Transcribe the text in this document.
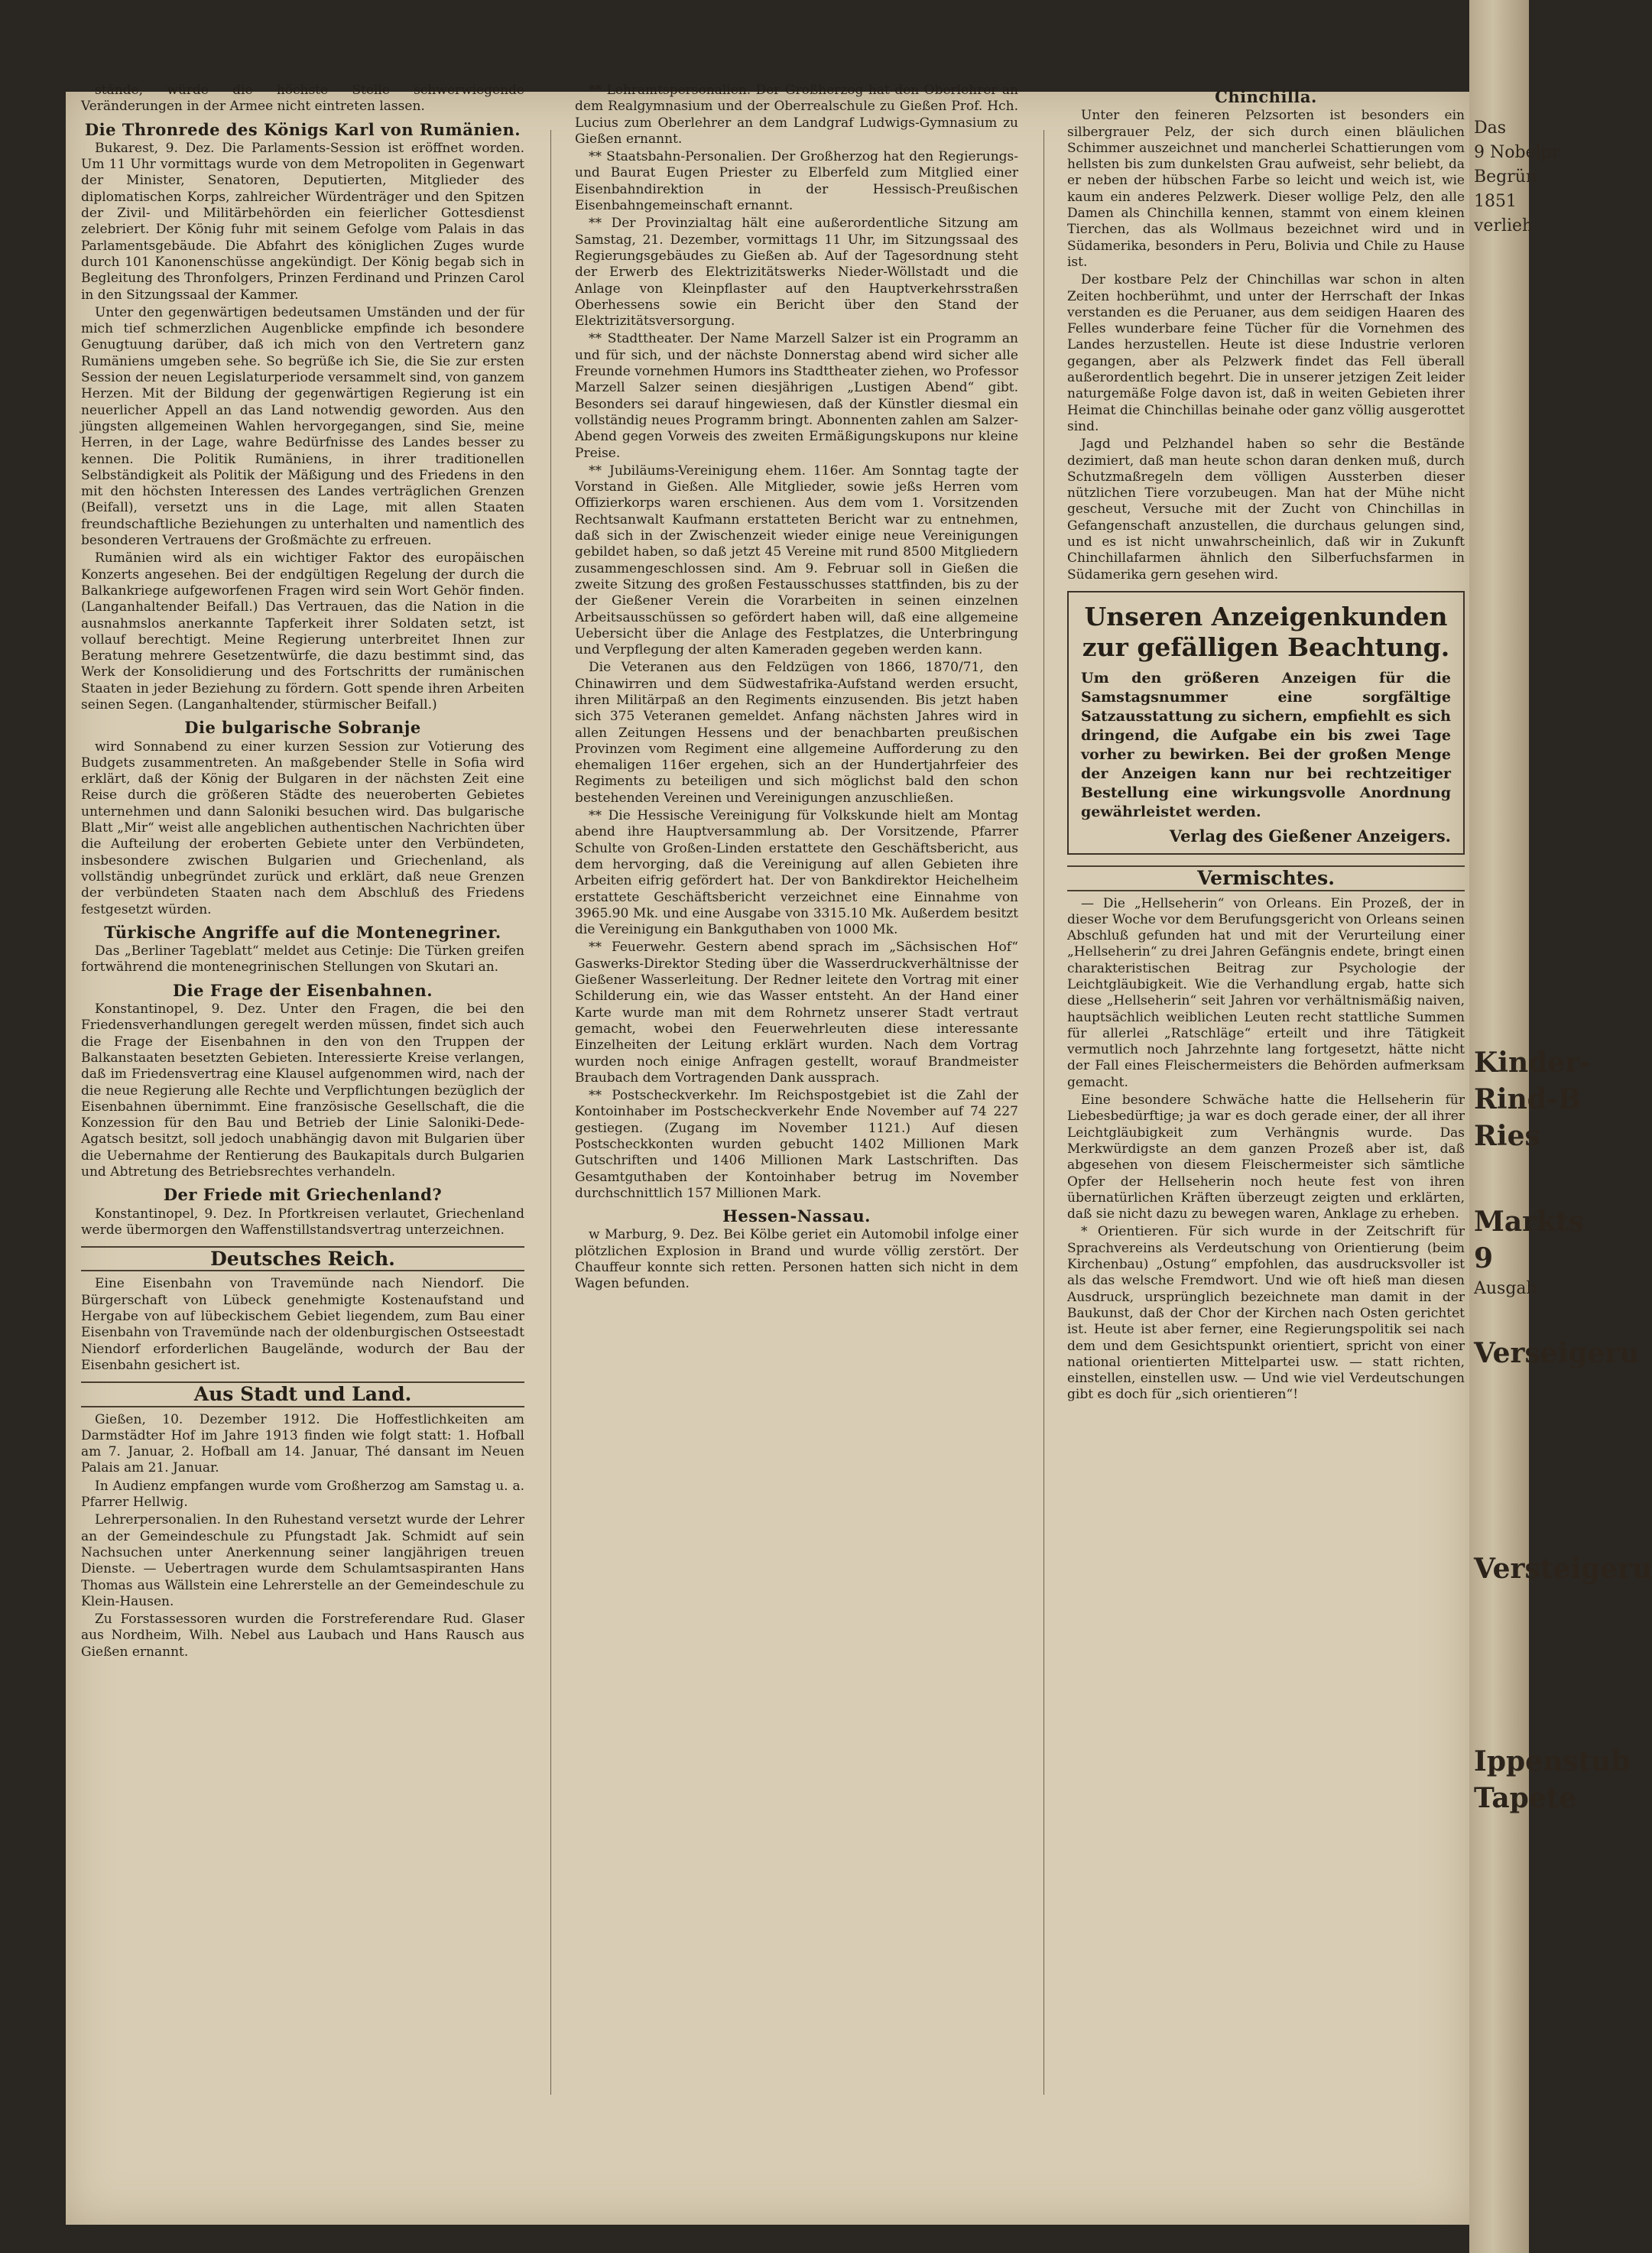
stände, würde die höchste Stelle schwerwiegende Veränderungen in der Armee nicht eintreten lassen.

Die Thronrede des Königs Karl von Rumänien.

Bukarest, 9. Dez. Die Parlaments-Session ist eröffnet worden. Um 11 Uhr vormittags wurde von dem Metropoliten in Gegenwart der Minister, Senatoren, Deputierten, Mitglieder des diplomatischen Korps, zahlreicher Würdenträger und den Spitzen der Zivil- und Militärbehörden ein feierlicher Gottesdienst zelebriert. Der König fuhr mit seinem Gefolge vom Palais in das Parlamentsgebäude. Die Abfahrt des königlichen Zuges wurde durch 101 Kanonenschüsse angekündigt. Der König begab sich in Begleitung des Thronfolgers, Prinzen Ferdinand und Prinzen Carol in den Sitzungssaal der Kammer.

Unter den gegenwärtigen bedeutsamen Umständen und der für mich tief schmerzlichen Augenblicke empfinde ich besondere Genugtuung darüber, daß ich mich von den Vertretern ganz Rumäniens umgeben sehe. So begrüße ich Sie, die Sie zur ersten Session der neuen Legislaturperiode versammelt sind, von ganzem Herzen. Mit der Bildung der gegenwärtigen Regierung ist ein neuerlicher Appell an das Land notwendig geworden. Aus den jüngsten allgemeinen Wahlen hervorgegangen, sind Sie, meine Herren, in der Lage, wahre Bedürfnisse des Landes besser zu kennen. Die Politik Rumäniens, in ihrer traditionellen Selbständigkeit als Politik der Mäßigung und des Friedens in den mit den höchsten Interessen des Landes verträglichen Grenzen (Beifall), versetzt uns in die Lage, mit allen Staaten freundschaftliche Beziehungen zu unterhalten und namentlich des besonderen Vertrauens der Großmächte zu erfreuen.

Rumänien wird als ein wichtiger Faktor des europäischen Konzerts angesehen. Bei der endgültigen Regelung der durch die Balkankriege aufgeworfenen Fragen wird sein Wort Gehör finden. (Langanhaltender Beifall.) Das Vertrauen, das die Nation in die ausnahmslos anerkannte Tapferkeit ihrer Soldaten setzt, ist vollauf berechtigt. Meine Regierung unterbreitet Ihnen zur Beratung mehrere Gesetzentwürfe, die dazu bestimmt sind, das Werk der Konsolidierung und des Fortschritts der rumänischen Staaten in jeder Beziehung zu fördern. Gott spende ihren Arbeiten seinen Segen. (Langanhaltender, stürmischer Beifall.)

Die bulgarische Sobranje

wird Sonnabend zu einer kurzen Session zur Votierung des Budgets zusammentreten. An maßgebender Stelle in Sofia wird erklärt, daß der König der Bulgaren in der nächsten Zeit eine Reise durch die größeren Städte des neueroberten Gebietes unternehmen und dann Saloniki besuchen wird. Das bulgarische Blatt „Mir“ weist alle angeblichen authentischen Nachrichten über die Aufteilung der eroberten Gebiete unter den Verbündeten, insbesondere zwischen Bulgarien und Griechenland, als vollständig unbegründet zurück und erklärt, daß neue Grenzen der verbündeten Staaten nach dem Abschluß des Friedens festgesetzt würden.

Türkische Angriffe auf die Montenegriner.

Das „Berliner Tageblatt“ meldet aus Cetinje: Die Türken greifen fortwährend die montenegrinischen Stellungen von Skutari an.

Die Frage der Eisenbahnen.

Konstantinopel, 9. Dez. Unter den Fragen, die bei den Friedensverhandlungen geregelt werden müssen, findet sich auch die Frage der Eisenbahnen in den von den Truppen der Balkanstaaten besetzten Gebieten. Interessierte Kreise verlangen, daß im Friedensvertrag eine Klausel aufgenommen wird, nach der die neue Regierung alle Rechte und Verpflichtungen bezüglich der Eisenbahnen übernimmt. Eine französische Gesellschaft, die die Konzession für den Bau und Betrieb der Linie Saloniki-Dede-Agatsch besitzt, soll jedoch unabhängig davon mit Bulgarien über die Uebernahme der Rentierung des Baukapitals durch Bulgarien und Abtretung des Betriebsrechtes verhandeln.

Der Friede mit Griechenland?

Konstantinopel, 9. Dez. In Pfortkreisen verlautet, Griechenland werde übermorgen den Waffenstillstandsvertrag unterzeichnen.

Deutsches Reich.

Eine Eisenbahn von Travemünde nach Niendorf. Die Bürgerschaft von Lübeck genehmigte Kostenaufstand und Hergabe von auf lübeckischem Gebiet liegendem, zum Bau einer Eisenbahn von Travemünde nach der oldenburgischen Ostseestadt Niendorf erforderlichen Baugelände, wodurch der Bau der Eisenbahn gesichert ist.

Aus Stadt und Land.

Gießen, 10. Dezember 1912. Die Hoffestlichkeiten am Darmstädter Hof im Jahre 1913 finden wie folgt statt: 1. Hofball am 7. Januar, 2. Hofball am 14. Januar, Thé dansant im Neuen Palais am 21. Januar.

In Audienz empfangen wurde vom Großherzog am Samstag u. a. Pfarrer Hellwig.

Lehrerpersonalien. In den Ruhestand versetzt wurde der Lehrer an der Gemeindeschule zu Pfungstadt Jak. Schmidt auf sein Nachsuchen unter Anerkennung seiner langjährigen treuen Dienste. — Uebertragen wurde dem Schulamtsaspiranten Hans Thomas aus Wällstein eine Lehrerstelle an der Gemeindeschule zu Klein-Hausen.

Zu Forstassessoren wurden die Forstreferendare Rud. Glaser aus Nordheim, Wilh. Nebel aus Laubach und Hans Rausch aus Gießen ernannt.

** Lehramtspersonalien. Der Großherzog hat den Oberlehrer an dem Realgymnasium und der Oberrealschule zu Gießen Prof. Hch. Lucius zum Oberlehrer an dem Landgraf Ludwigs-Gymnasium zu Gießen ernannt.

** Staatsbahn-Personalien. Der Großherzog hat den Regierungs- und Baurat Eugen Priester zu Elberfeld zum Mitglied einer Eisenbahndirektion in der Hessisch-Preußischen Eisenbahngemeinschaft ernannt.

** Der Provinzialtag hält eine außerordentliche Sitzung am Samstag, 21. Dezember, vormittags 11 Uhr, im Sitzungssaal des Regierungsgebäudes zu Gießen ab. Auf der Tagesordnung steht der Erwerb des Elektrizitätswerks Nieder-Wöllstadt und die Anlage von Kleinpflaster auf den Hauptverkehrsstraßen Oberhessens sowie ein Bericht über den Stand der Elektrizitätsversorgung.

** Stadttheater. Der Name Marzell Salzer ist ein Programm an und für sich, und der nächste Donnerstag abend wird sicher alle Freunde vornehmen Humors ins Stadttheater ziehen, wo Professor Marzell Salzer seinen diesjährigen „Lustigen Abend“ gibt. Besonders sei darauf hingewiesen, daß der Künstler diesmal ein vollständig neues Programm bringt. Abonnenten zahlen am Salzer-Abend gegen Vorweis des zweiten Ermäßigungskupons nur kleine Preise.

** Jubiläums-Vereinigung ehem. 116er. Am Sonntag tagte der Vorstand in Gießen. Alle Mitglieder, sowie jeßs Herren vom Offizierkorps waren erschienen. Aus dem vom 1. Vorsitzenden Rechtsanwalt Kaufmann erstatteten Bericht war zu entnehmen, daß sich in der Zwischenzeit wieder einige neue Vereinigungen gebildet haben, so daß jetzt 45 Vereine mit rund 8500 Mitgliedern zusammengeschlossen sind. Am 9. Februar soll in Gießen die zweite Sitzung des großen Festausschusses stattfinden, bis zu der der Gießener Verein die Vorarbeiten in seinen einzelnen Arbeitsausschüssen so gefördert haben will, daß eine allgemeine Uebersicht über die Anlage des Festplatzes, die Unterbringung und Verpflegung der alten Kameraden gegeben werden kann.

Die Veteranen aus den Feldzügen von 1866, 1870/71, den Chinawirren und dem Südwestafrika-Aufstand werden ersucht, ihren Militärpaß an den Regiments einzusenden. Bis jetzt haben sich 375 Veteranen gemeldet. Anfang nächsten Jahres wird in allen Zeitungen Hessens und der benachbarten preußischen Provinzen vom Regiment eine allgemeine Aufforderung zu den ehemaligen 116er ergehen, sich an der Hundertjahrfeier des Regiments zu beteiligen und sich möglichst bald den schon bestehenden Vereinen und Vereinigungen anzuschließen.

** Die Hessische Vereinigung für Volkskunde hielt am Montag abend ihre Hauptversammlung ab. Der Vorsitzende, Pfarrer Schulte von Großen-Linden erstattete den Geschäftsbericht, aus dem hervorging, daß die Vereinigung auf allen Gebieten ihre Arbeiten eifrig gefördert hat. Der von Bankdirektor Heichelheim erstattete Geschäftsbericht verzeichnet eine Einnahme von 3965.90 Mk. und eine Ausgabe von 3315.10 Mk. Außerdem besitzt die Vereinigung ein Bankguthaben von 1000 Mk.

** Feuerwehr. Gestern abend sprach im „Sächsischen Hof“ Gaswerks-Direktor Steding über die Wasserdruckverhältnisse der Gießener Wasserleitung. Der Redner leitete den Vortrag mit einer Schilderung ein, wie das Wasser entsteht. An der Hand einer Karte wurde man mit dem Rohrnetz unserer Stadt vertraut gemacht, wobei den Feuerwehrleuten diese interessante Einzelheiten der Leitung erklärt wurden. Nach dem Vortrag wurden noch einige Anfragen gestellt, worauf Brandmeister Braubach dem Vortragenden Dank aussprach.

** Postscheckverkehr. Im Reichspostgebiet ist die Zahl der Kontoinhaber im Postscheckverkehr Ende November auf 74 227 gestiegen. (Zugang im November 1121.) Auf diesen Postscheckkonten wurden gebucht 1402 Millionen Mark Gutschriften und 1406 Millionen Mark Lastschriften. Das Gesamtguthaben der Kontoinhaber betrug im November durchschnittlich 157 Millionen Mark.

Hessen-Nassau.

w Marburg, 9. Dez. Bei Kölbe geriet ein Automobil infolge einer plötzlichen Explosion in Brand und wurde völlig zerstört. Der Chauffeur konnte sich retten. Personen hatten sich nicht in dem Wagen befunden.

Chinchilla.

Unter den feineren Pelzsorten ist besonders ein silbergrauer Pelz, der sich durch einen bläulichen Schimmer auszeichnet und mancherlei Schattierungen vom hellsten bis zum dunkelsten Grau aufweist, sehr beliebt, da er neben der hübschen Farbe so leicht und weich ist, wie kaum ein anderes Pelzwerk. Dieser wollige Pelz, den alle Damen als Chinchilla kennen, stammt von einem kleinen Tierchen, das als Wollmaus bezeichnet wird und in Südamerika, besonders in Peru, Bolivia und Chile zu Hause ist.

Der kostbare Pelz der Chinchillas war schon in alten Zeiten hochberühmt, und unter der Herrschaft der Inkas verstanden es die Peruaner, aus dem seidigen Haaren des Felles wunderbare feine Tücher für die Vornehmen des Landes herzustellen. Heute ist diese Industrie verloren gegangen, aber als Pelzwerk findet das Fell überall außerordentlich begehrt. Die in unserer jetzigen Zeit leider naturgemäße Folge davon ist, daß in weiten Gebieten ihrer Heimat die Chinchillas beinahe oder ganz völlig ausgerottet sind.

Jagd und Pelzhandel haben so sehr die Bestände dezimiert, daß man heute schon daran denken muß, durch Schutzmaßregeln dem völligen Aussterben dieser nützlichen Tiere vorzubeugen. Man hat der Mühe nicht gescheut, Versuche mit der Zucht von Chinchillas in Gefangenschaft anzustellen, die durchaus gelungen sind, und es ist nicht unwahrscheinlich, daß wir in Zukunft Chinchillafarmen ähnlich den Silberfuchsfarmen in Südamerika gern gesehen wird.

Unseren Anzeigenkunden zur gefälligen Beachtung.
Um den größeren Anzeigen für die Samstagsnummer eine sorgfältige Satzausstattung zu sichern, empfiehlt es sich dringend, die Aufgabe ein bis zwei Tage vorher zu bewirken. Bei der großen Menge der Anzeigen kann nur bei rechtzeitiger Bestellung eine wirkungsvolle Anordnung gewährleistet werden.
Verlag des Gießener Anzeigers.
Vermischtes.

— Die „Hellseherin“ von Orleans. Ein Prozeß, der in dieser Woche vor dem Berufungsgericht von Orleans seinen Abschluß gefunden hat und mit der Verurteilung einer „Hellseherin“ zu drei Jahren Gefängnis endete, bringt einen charakteristischen Beitrag zur Psychologie der Leichtgläubigkeit. Wie die Verhandlung ergab, hatte sich diese „Hellseherin“ seit Jahren vor verhältnismäßig naiven, hauptsächlich weiblichen Leuten recht stattliche Summen für allerlei „Ratschläge“ erteilt und ihre Tätigkeit vermutlich noch Jahrzehnte lang fortgesetzt, hätte nicht der Fall eines Fleischermeisters die Behörden aufmerksam gemacht.

Eine besondere Schwäche hatte die Hellseherin für Liebesbedürftige; ja war es doch gerade einer, der all ihrer Leichtgläubigkeit zum Verhängnis wurde. Das Merkwürdigste an dem ganzen Prozeß aber ist, daß abgesehen von diesem Fleischermeister sich sämtliche Opfer der Hellseherin noch heute fest von ihren übernatürlichen Kräften überzeugt zeigten und erklärten, daß sie nicht dazu zu bewegen waren, Anklage zu erheben.

* Orientieren. Für sich wurde in der Zeitschrift für Sprachvereins als Verdeutschung von Orientierung (beim Kirchenbau) „Ostung“ empfohlen, das ausdrucksvoller ist als das welsche Fremdwort. Und wie oft hieß man diesen Ausdruck, ursprünglich bezeichnete man damit in der Baukunst, daß der Chor der Kirchen nach Osten gerichtet ist. Heute ist aber ferner, eine Regierungspolitik sei nach dem und dem Gesichtspunkt orientiert, spricht von einer national orientierten Mittelpartei usw. — statt richten, einstellen, einstellen usw. — Und wie viel Verdeutschungen gibt es doch für „sich orientieren“!

Das
9 Nobelpr
Begrün
1851
verlieh
Kinder-
Rind-B
Ries
Markts
9
Ausgab
Verseigeru
Versteigeru
Ippenstub
Tapete
